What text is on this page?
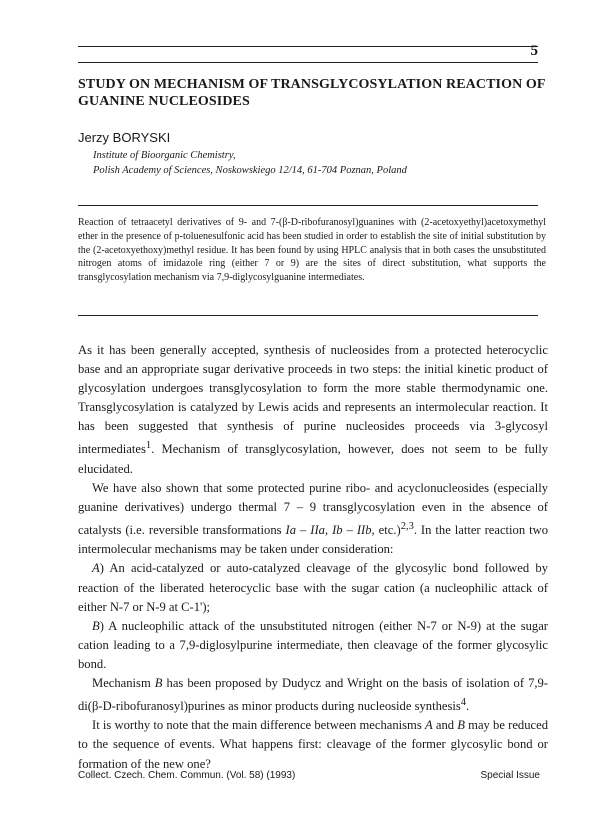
5
STUDY ON MECHANISM OF TRANSGLYCOSYLATION REACTION OF GUANINE NUCLEOSIDES
Jerzy BORYSKI
Institute of Bioorganic Chemistry,
Polish Academy of Sciences, Noskowskiego 12/14, 61-704 Poznan, Poland

Reaction of tetraacetyl derivatives of 9- and 7-(β-D-ribofuranosyl)guanines with (2-acetoxyethyl)acetoxymethyl ether in the presence of p-toluenesulfonic acid has been studied in order to establish the site of initial substitution by the (2-acetoxyethoxy)methyl residue. It has been found by using HPLC analysis that in both cases the unsubstituted nitrogen atoms of imidazole ring (either 7 or 9) are the sites of direct substitution, what supports the transglycosylation mechanism via 7,9-diglycosylguanine intermediates.

As it has been generally accepted, synthesis of nucleosides from a protected heterocyclic base and an appropriate sugar derivative proceeds in two steps: the initial kinetic product of glycosylation undergoes transglycosylation to form the more stable thermodynamic one. Transglycosylation is catalyzed by Lewis acids and represents an intermolecular reaction. It has been suggested that synthesis of purine nucleosides proceeds via 3-glycosyl intermediates$^1$. Mechanism of transglycosylation, however, does not seem to be fully elucidated.

We have also shown that some protected purine ribo- and acyclonucleosides (especially guanine derivatives) undergo thermal 7 – 9 transglycosylation even in the absence of catalysts (i.e. reversible transformations Ia – IIa, Ib – IIb, etc.)$^{2,3}$. In the latter reaction two intermolecular mechanisms may be taken under consideration:

A) An acid-catalyzed or auto-catalyzed cleavage of the glycosylic bond followed by reaction of the liberated heterocyclic base with the sugar cation (a nucleophilic attack of either N-7 or N-9 at C-1');

B) A nucleophilic attack of the unsubstituted nitrogen (either N-7 or N-9) at the sugar cation leading to a 7,9-diglosylpurine intermediate, then cleavage of the former glycosylic bond.

Mechanism B has been proposed by Dudycz and Wright on the basis of isolation of 7,9-di(β-D-ribofuranosyl)purines as minor products during nucleoside synthesis$^4$.

It is worthy to note that the main difference between mechanisms A and B may be reduced to the sequence of events. What happens first: cleavage of the former glycosylic bond or formation of the new one?

Collect. Czech. Chem. Commun. (Vol. 58) (1993)	Special Issue
